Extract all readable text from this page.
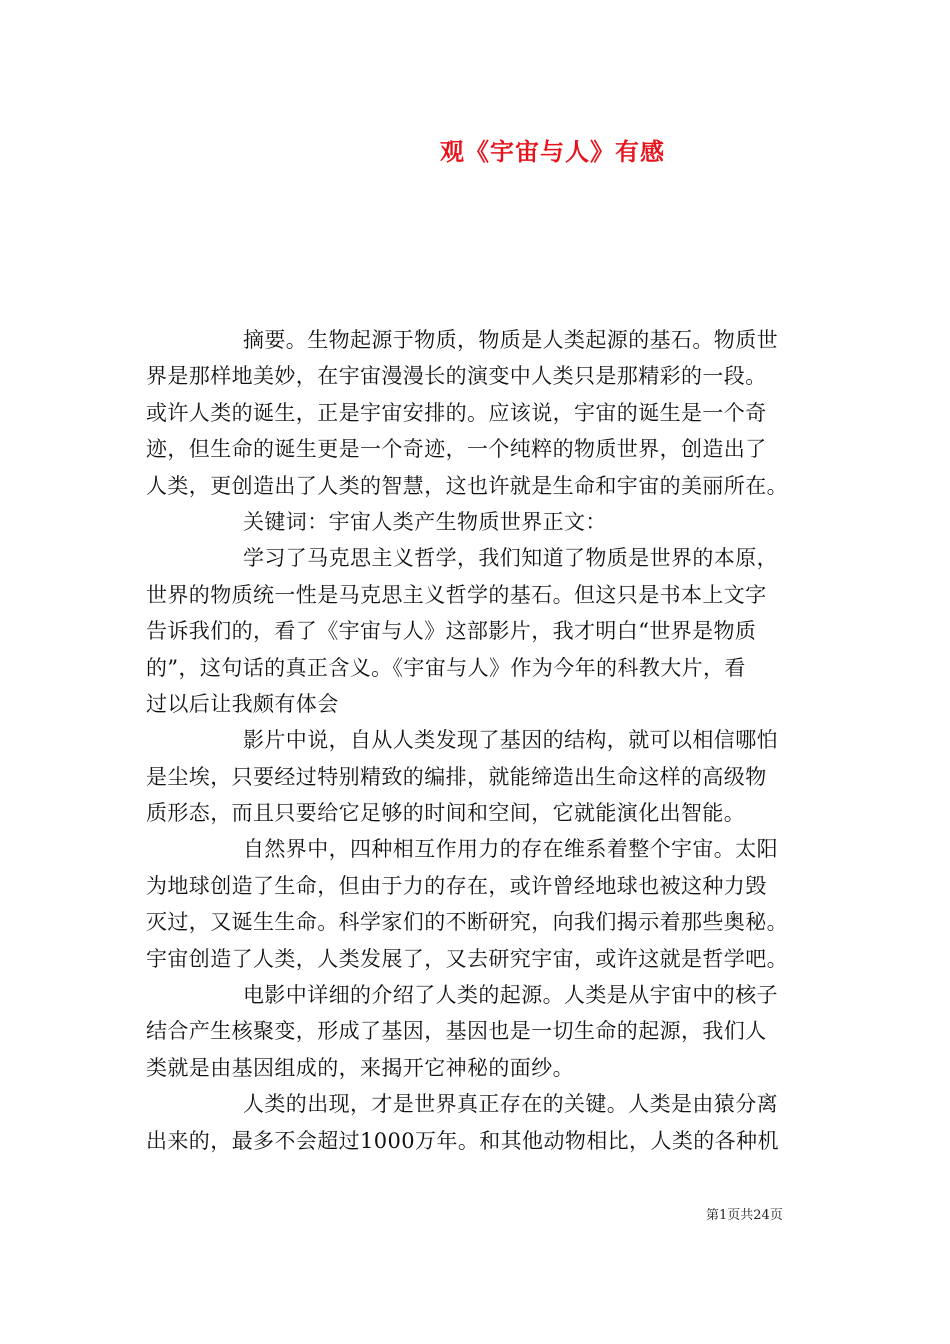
观《宇宙与人》有感
摘要。生物起源于物质，物质是人类起源的基石。物质世
界是那样地美妙，在宇宙漫漫长的演变中人类只是那精彩的一段。
或许人类的诞生，正是宇宙安排的。应该说，宇宙的诞生是一个奇
迹，但生命的诞生更是一个奇迹，一个纯粹的物质世界，创造出了
人类，更创造出了人类的智慧，这也许就是生命和宇宙的美丽所在。
关键词：宇宙人类产生物质世界正文：
学习了马克思主义哲学，我们知道了物质是世界的本原，
世界的物质统一性是马克思主义哲学的基石。但这只是书本上文字
告诉我们的，看了《宇宙与人》这部影片，我才明白“世界是物质
的”，这句话的真正含义。《宇宙与人》作为今年的科教大片，看
过以后让我颇有体会
影片中说，自从人类发现了基因的结构，就可以相信哪怕
是尘埃，只要经过特别精致的编排，就能缔造出生命这样的高级物
质形态，而且只要给它足够的时间和空间，它就能演化出智能。
自然界中，四种相互作用力的存在维系着整个宇宙。太阳
为地球创造了生命，但由于力的存在，或许曾经地球也被这种力毁
灭过，又诞生生命。科学家们的不断研究，向我们揭示着那些奥秘。
宇宙创造了人类，人类发展了，又去研究宇宙，或许这就是哲学吧。
电影中详细的介绍了人类的起源。人类是从宇宙中的核子
结合产生核聚变，形成了基因，基因也是一切生命的起源，我们人
类就是由基因组成的，来揭开它神秘的面纱。
人类的出现，才是世界真正存在的关键。人类是由猿分离
出来的，最多不会超过1000万年。和其他动物相比，人类的各种机
第1页共24页
